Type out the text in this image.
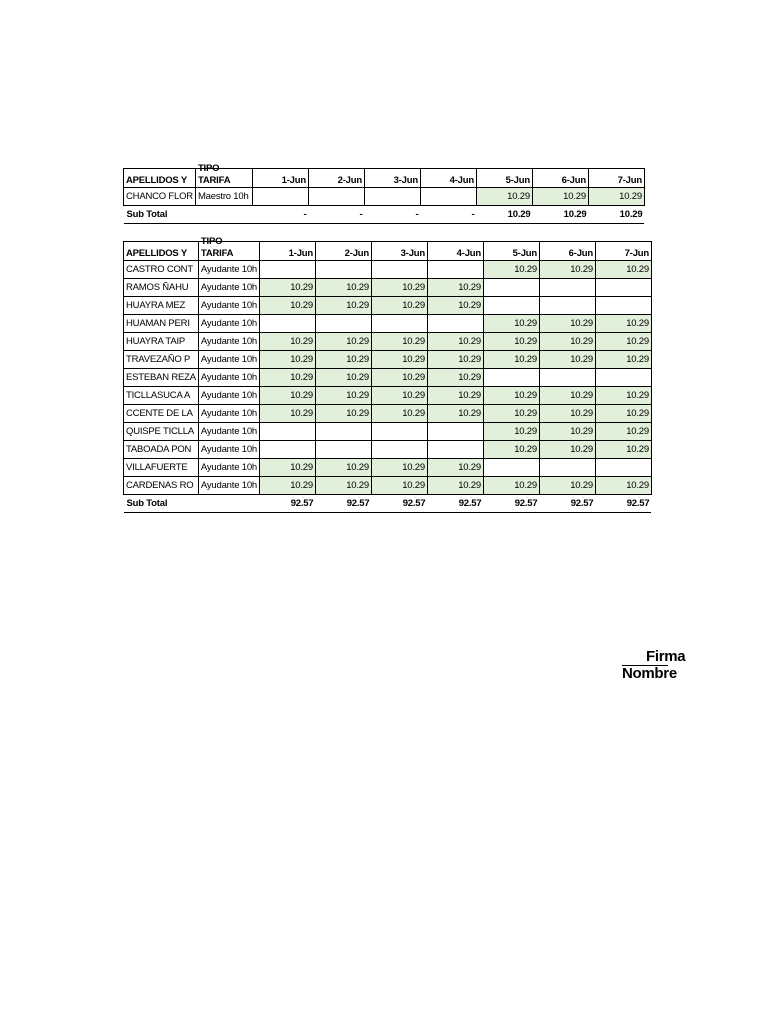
APELLIDOS Y	TIPO
TARIFA	1-Jun	2-Jun	3-Jun	4-Jun	5-Jun	6-Jun	7-Jun
CHANCO FLOR	Maestro 10h					10.29	10.29	10.29
Sub Total		-	-	-	-	10.29	10.29	10.29
APELLIDOS Y	TIPO
TARIFA	1-Jun	2-Jun	3-Jun	4-Jun	5-Jun	6-Jun	7-Jun
CASTRO CONT	Ayudante 10h					10.29	10.29	10.29
RAMOS ÑAHU	Ayudante 10h	10.29	10.29	10.29	10.29			
HUAYRA MEZ	Ayudante 10h	10.29	10.29	10.29	10.29			
HUAMAN PERI	Ayudante 10h					10.29	10.29	10.29
HUAYRA TAIP	Ayudante 10h	10.29	10.29	10.29	10.29	10.29	10.29	10.29
TRAVEZAÑO P	Ayudante 10h	10.29	10.29	10.29	10.29	10.29	10.29	10.29
ESTEBAN REZA	Ayudante 10h	10.29	10.29	10.29	10.29			
TICLLASUCA A	Ayudante 10h	10.29	10.29	10.29	10.29	10.29	10.29	10.29
CCENTE DE LA	Ayudante 10h	10.29	10.29	10.29	10.29	10.29	10.29	10.29
QUISPE TICLLA	Ayudante 10h					10.29	10.29	10.29
TABOADA PON	Ayudante 10h					10.29	10.29	10.29
VILLAFUERTE	Ayudante 10h	10.29	10.29	10.29	10.29			
CARDENAS RO	Ayudante 10h	10.29	10.29	10.29	10.29	10.29	10.29	10.29
Sub Total		92.57	92.57	92.57	92.57	92.57	92.57	92.57
Firma
Nombre
